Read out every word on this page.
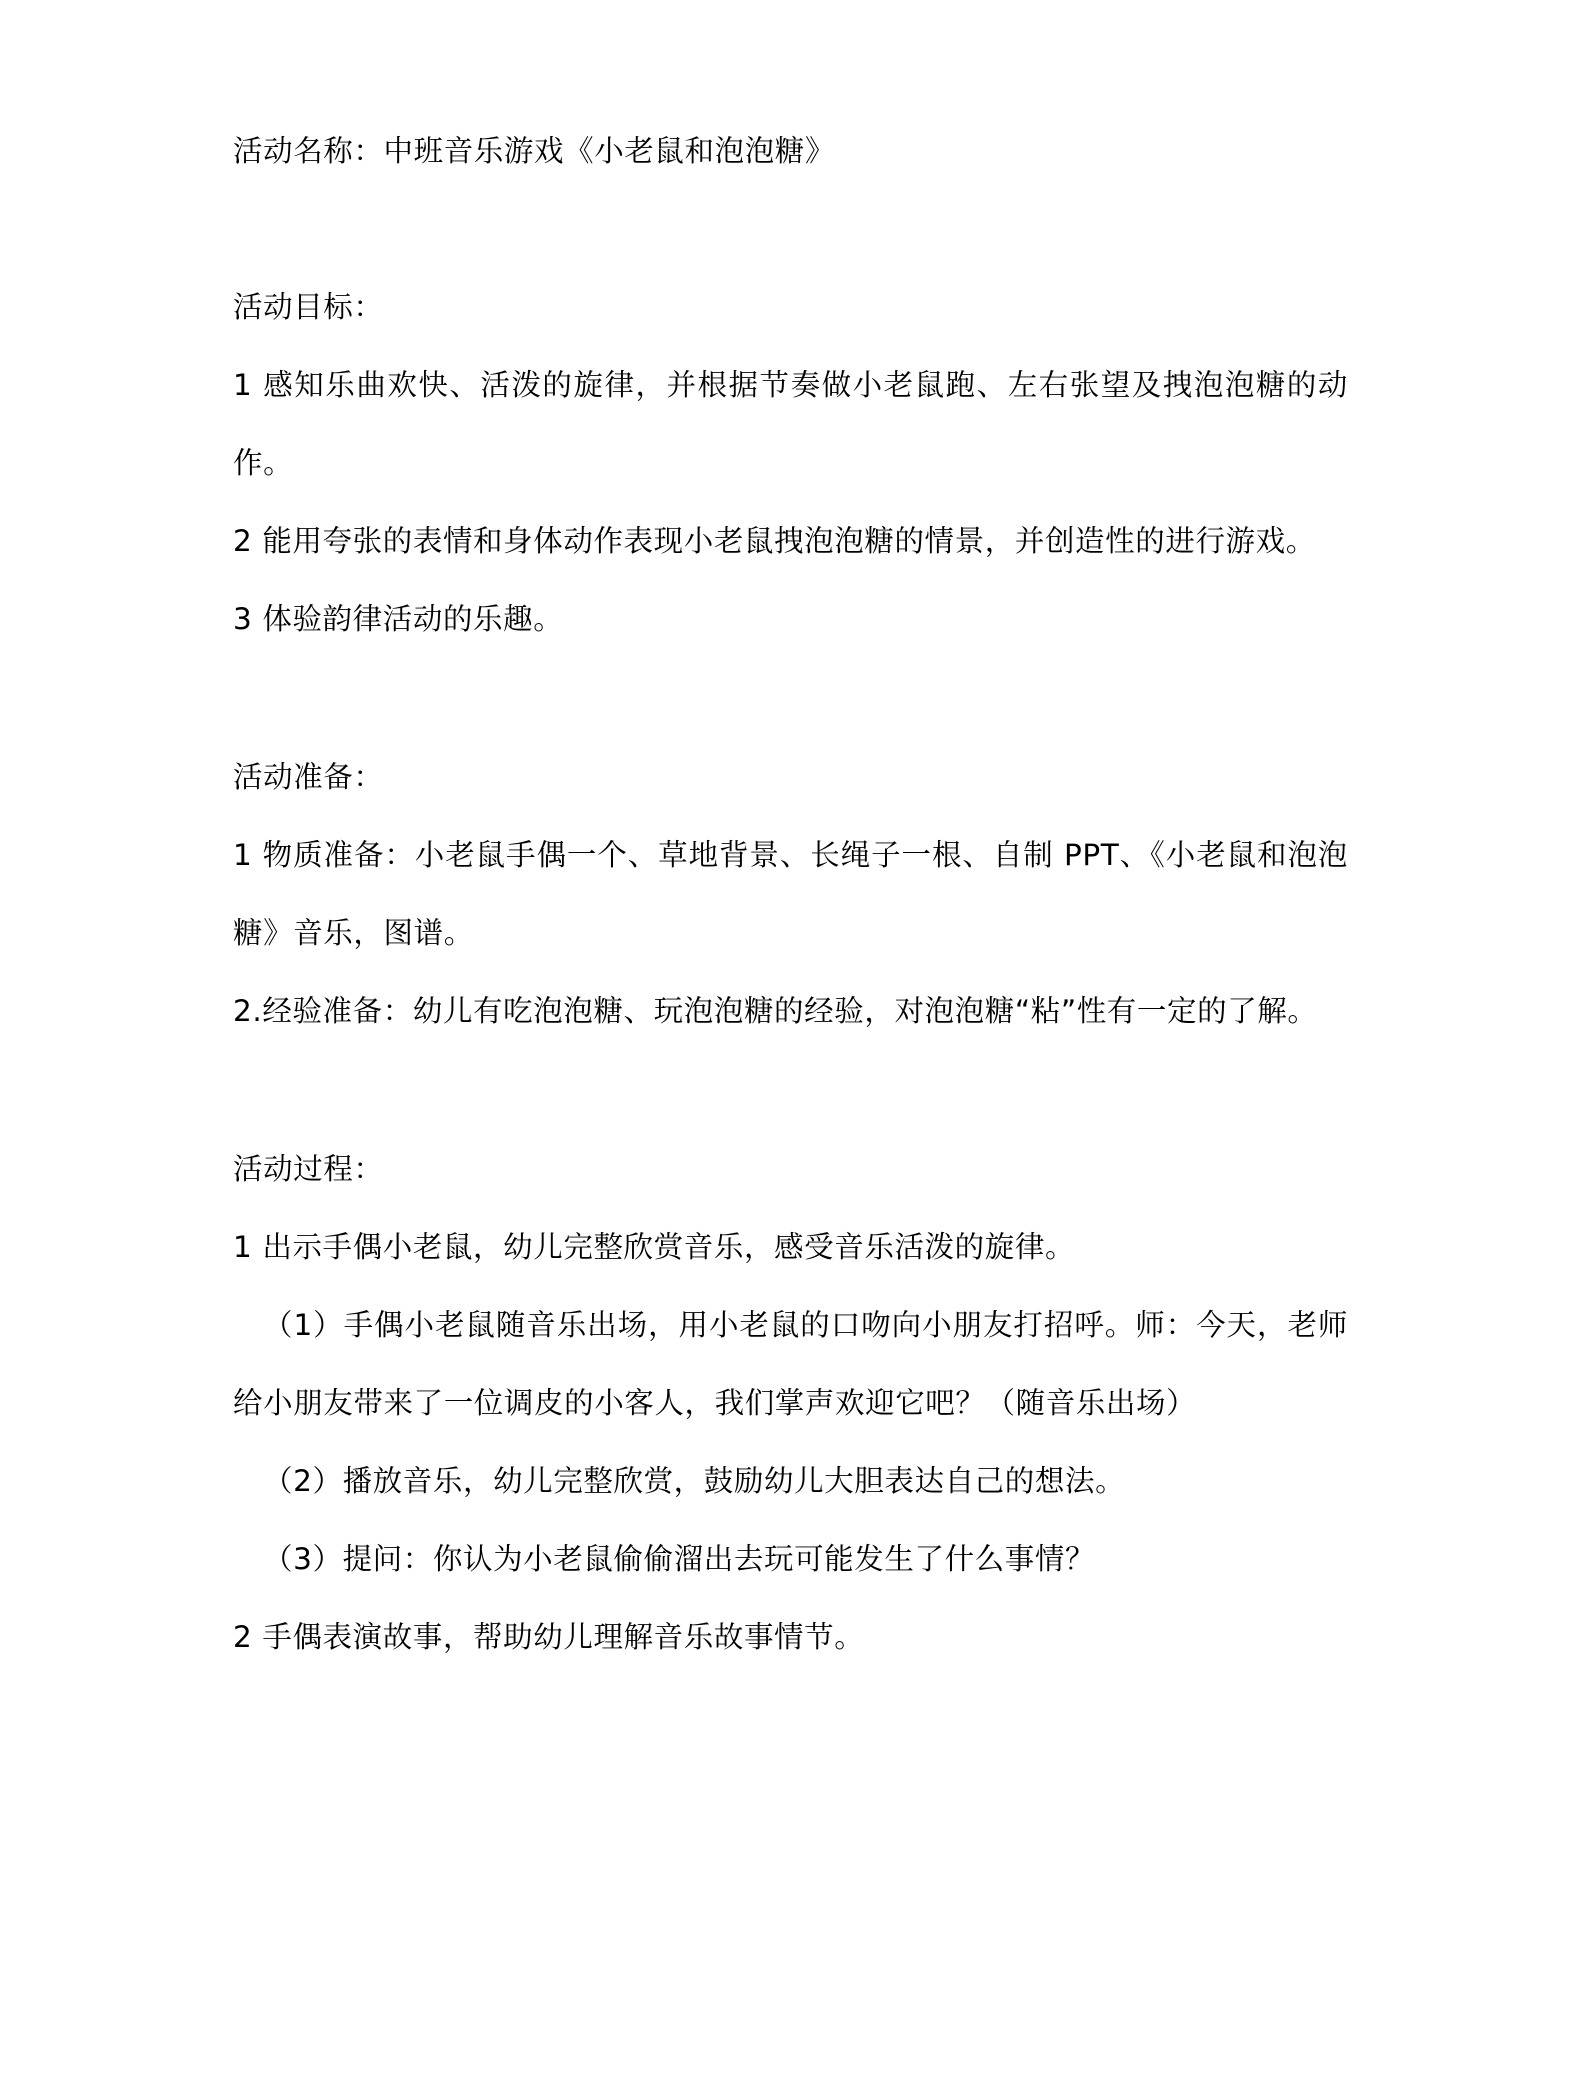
活动名称：中班音乐游戏《小老鼠和泡泡糖》

活动目标：

1 感知乐曲欢快、活泼的旋律，并根据节奏做小老鼠跑、左右张望及拽泡泡糖的动作。

2 能用夸张的表情和身体动作表现小老鼠拽泡泡糖的情景，并创造性的进行游戏。

3 体验韵律活动的乐趣。

活动准备：

1 物质准备：小老鼠手偶一个、草地背景、长绳子一根、自制 PPT、《小老鼠和泡泡糖》音乐，图谱。

2.经验准备：幼儿有吃泡泡糖、玩泡泡糖的经验，对泡泡糖“粘”性有一定的了解。

活动过程：

1 出示手偶小老鼠，幼儿完整欣赏音乐，感受音乐活泼的旋律。

（1）手偶小老鼠随音乐出场，用小老鼠的口吻向小朋友打招呼。师：今天，老师给小朋友带来了一位调皮的小客人，我们掌声欢迎它吧？（随音乐出场）

（2）播放音乐，幼儿完整欣赏，鼓励幼儿大胆表达自己的想法。

（3）提问：你认为小老鼠偷偷溜出去玩可能发生了什么事情？

2 手偶表演故事，帮助幼儿理解音乐故事情节。
